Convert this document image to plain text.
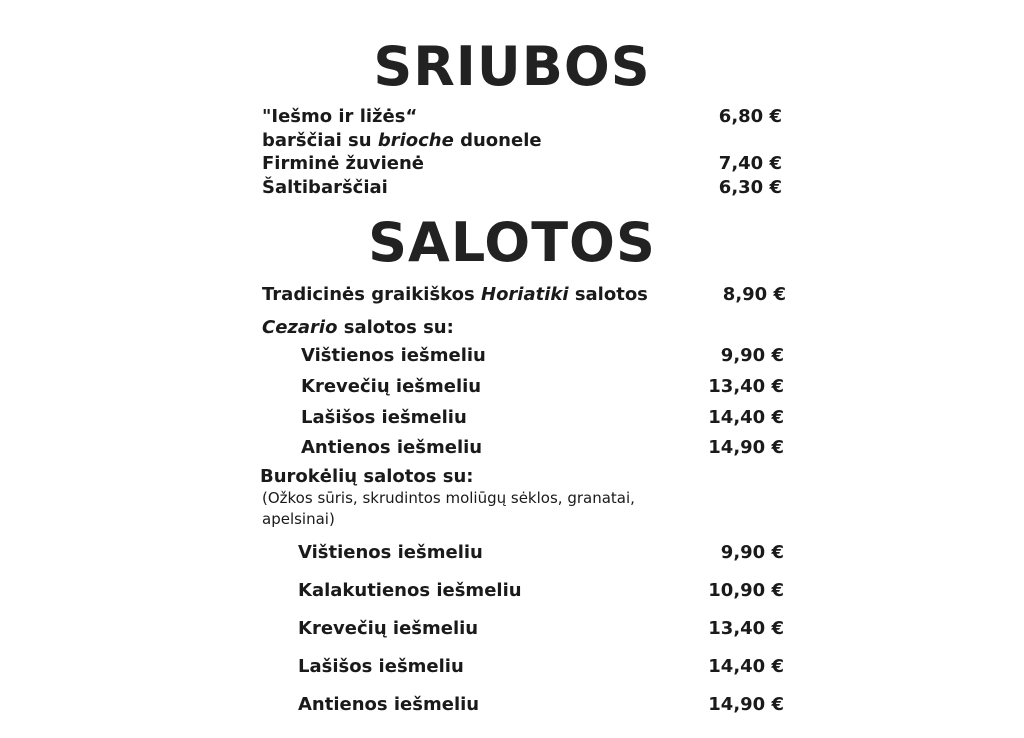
SRIUBOS
"Iešmo ir ližės“	6,80 €
barščiai su brioche duonele
Firminė žuvienė	7,40 €
Šaltibarščiai	6,30 €
SALOTOS
Tradicinės graikiškos Horiatiki salotos	8,90 €
Cezario salotos su:
Vištienos iešmeliu	9,90 €
Krevečių iešmeliu	13,40 €
Lašišos iešmeliu	14,40 €
Antienos iešmeliu	14,90 €
Burokėlių salotos su:
(Ožkos sūris, skrudintos moliūgų sėklos, granatai,
apelsinai)
Vištienos iešmeliu	9,90 €
Kalakutienos iešmeliu	10,90 €
Krevečių iešmeliu	13,40 €
Lašišos iešmeliu	14,40 €
Antienos iešmeliu	14,90 €
